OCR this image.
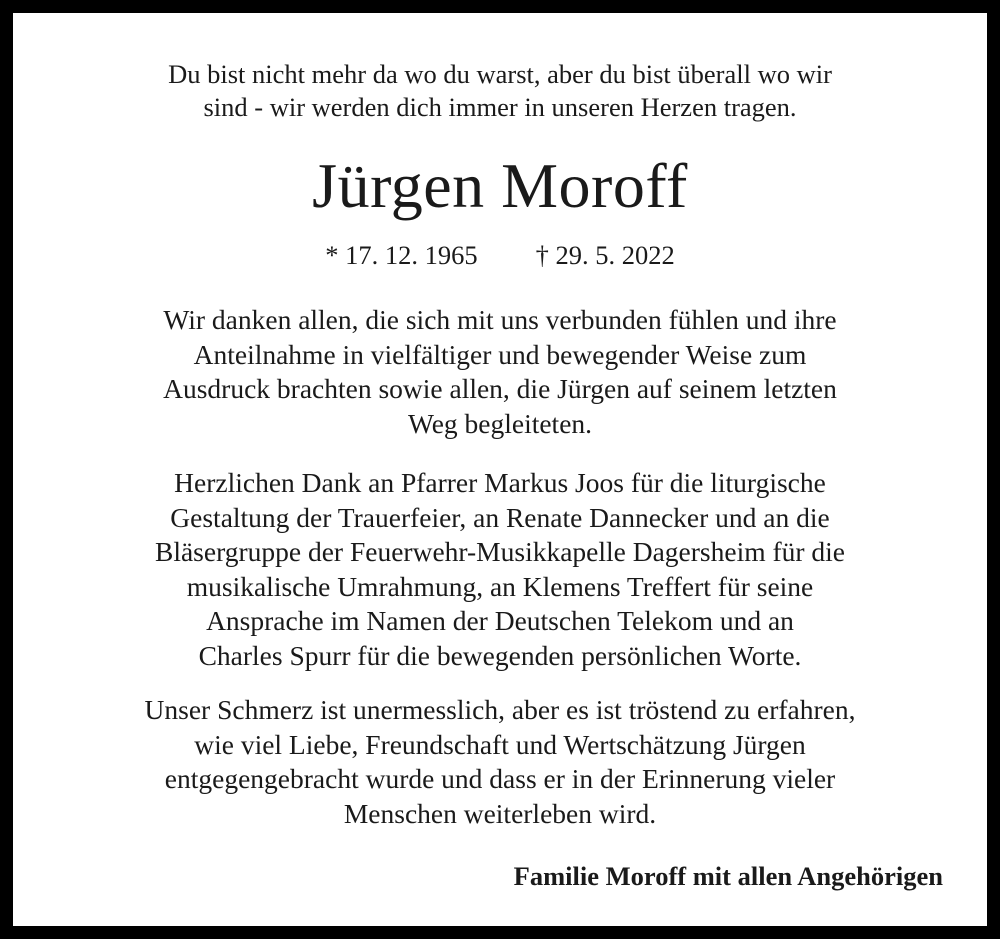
Du bist nicht mehr da wo du warst, aber du bist überall wo wir
sind - wir werden dich immer in unseren Herzen tragen.

Jürgen Moroff
* 17. 12. 1965 † 29. 5. 2022

Wir danken allen, die sich mit uns verbunden fühlen und ihre
Anteilnahme in vielfältiger und bewegender Weise zum
Ausdruck brachten sowie allen, die Jürgen auf seinem letzten
Weg begleiteten.

Herzlichen Dank an Pfarrer Markus Joos für die liturgische
Gestaltung der Trauerfeier, an Renate Dannecker und an die
Bläsergruppe der Feuerwehr-Musikkapelle Dagersheim für die
musikalische Umrahmung, an Klemens Treffert für seine
Ansprache im Namen der Deutschen Telekom und an
Charles Spurr für die bewegenden persönlichen Worte.

Unser Schmerz ist unermesslich, aber es ist tröstend zu erfahren,
wie viel Liebe, Freundschaft und Wertschätzung Jürgen
entgegengebracht wurde und dass er in der Erinnerung vieler
Menschen weiterleben wird.

Familie Moroff mit allen Angehörigen
